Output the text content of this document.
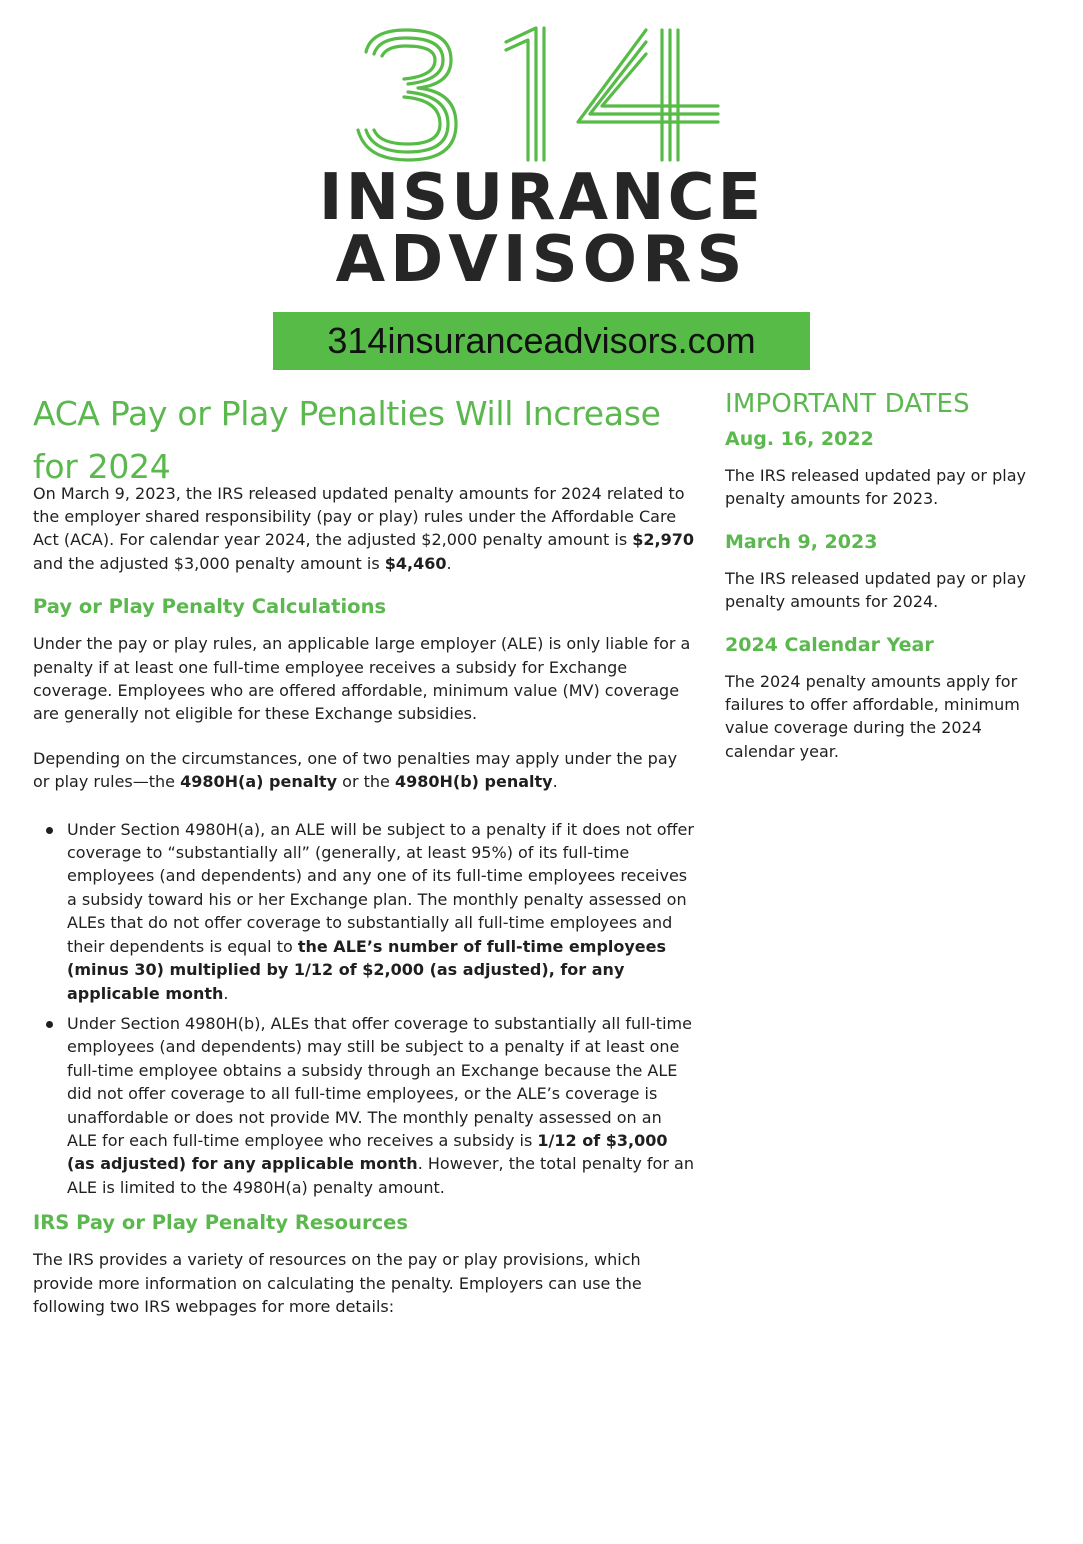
INSURANCE
ADVISORS
314insuranceadvisors.com
ACA Pay or Play Penalties Will Increase for 2024

On March 9, 2023, the IRS released updated penalty amounts for 2024 related to the employer shared responsibility (pay or play) rules under the Affordable Care Act (ACA). For calendar year 2024, the adjusted $2,000 penalty amount is $2,970 and the adjusted $3,000 penalty amount is $4,460.

Pay or Play Penalty Calculations

Under the pay or play rules, an applicable large employer (ALE) is only liable for a penalty if at least one full-time employee receives a subsidy for Exchange coverage. Employees who are offered affordable, minimum value (MV) coverage are generally not eligible for these Exchange subsidies.

Depending on the circumstances, one of two penalties may apply under the pay or play rules—the 4980H(a) penalty or the 4980H(b) penalty.

Under Section 4980H(a), an ALE will be subject to a penalty if it does not offer coverage to “substantially all” (generally, at least 95%) of its full-time employees (and dependents) and any one of its full-time employees receives a subsidy toward his or her Exchange plan. The monthly penalty assessed on ALEs that do not offer coverage to substantially all full-time employees and their dependents is equal to the ALE’s number of full-time employees (minus 30) multiplied by 1/12 of $2,000 (as adjusted), for any applicable month.
Under Section 4980H(b), ALEs that offer coverage to substantially all full-time employees (and dependents) may still be subject to a penalty if at least one full-time employee obtains a subsidy through an Exchange because the ALE did not offer coverage to all full-time employees, or the ALE’s coverage is unaffordable or does not provide MV. The monthly penalty assessed on an ALE for each full-time employee who receives a subsidy is 1/12 of $3,000 (as adjusted) for any applicable month. However, the total penalty for an ALE is limited to the 4980H(a) penalty amount.
IRS Pay or Play Penalty Resources

The IRS provides a variety of resources on the pay or play provisions, which provide more information on calculating the penalty. Employers can use the following two IRS webpages for more details:

IMPORTANT DATES
Aug. 16, 2022

The IRS released updated pay or play penalty amounts for 2023.

March 9, 2023

The IRS released updated pay or play penalty amounts for 2024.

2024 Calendar Year

The 2024 penalty amounts apply for failures to offer affordable, minimum value coverage during the 2024 calendar year.
